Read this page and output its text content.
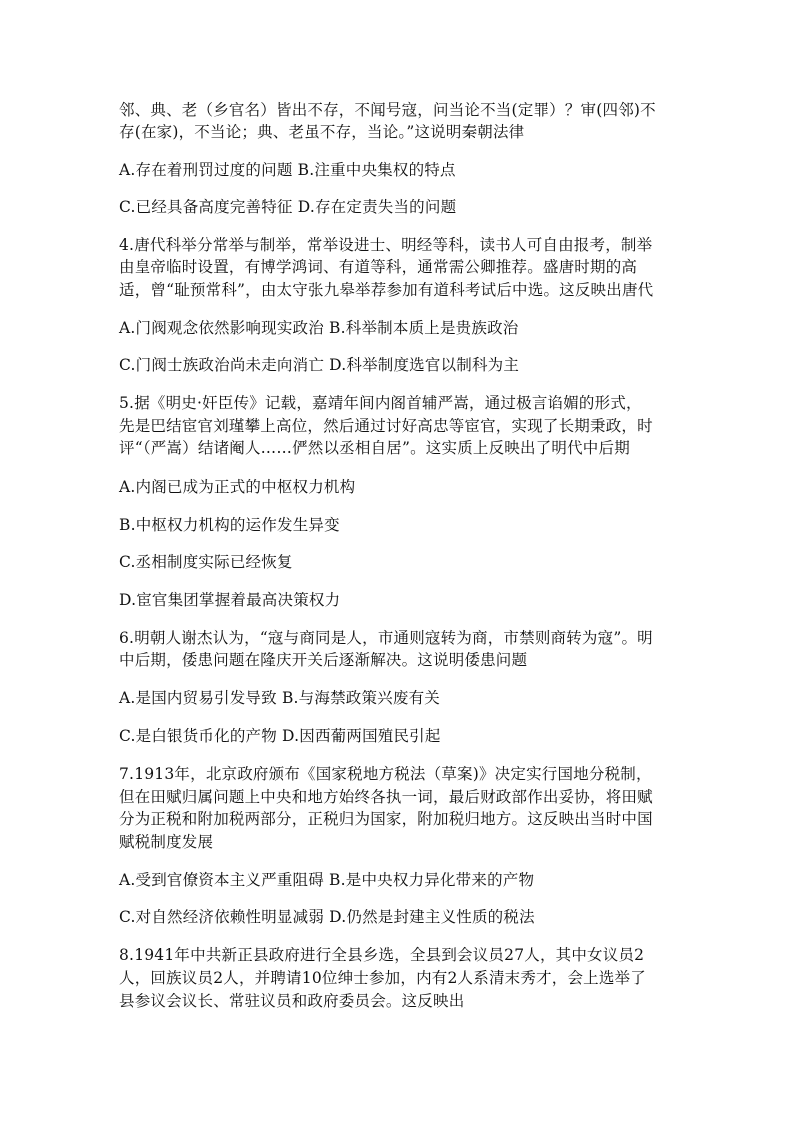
邻、典、老（乡官名）皆出不存，不闻号寇，问当论不当(定罪）？审(四邻)不
存(在家)，不当论；典、老虽不存，当论。”这说明秦朝法律
A.存在着刑罚过度的问题 B.注重中央集权的特点
C.已经具备高度完善特征 D.存在定责失当的问题
4.唐代科举分常举与制举，常举设进士、明经等科，读书人可自由报考，制举
由皇帝临时设置，有博学鸿词、有道等科，通常需公卿推荐。盛唐时期的高
适，曾“耻预常科”，由太守张九皋举荐参加有道科考试后中选。这反映出唐代
A.门阀观念依然影响现实政治 B.科举制本质上是贵族政治
C.门阀士族政治尚未走向消亡 D.科举制度选官以制科为主
5.据《明史·奸臣传》记载，嘉靖年间内阁首辅严嵩，通过极言谄媚的形式，
先是巴结宦官刘瑾攀上高位，然后通过讨好高忠等宦官，实现了长期秉政，时
评“（严嵩）结诸阉人……俨然以丞相自居”。这实质上反映出了明代中后期
A.内阁已成为正式的中枢权力机构
B.中枢权力机构的运作发生异变
C.丞相制度实际已经恢复
D.宦官集团掌握着最高决策权力
6.明朝人谢杰认为，“寇与商同是人，市通则寇转为商，市禁则商转为寇”。明
中后期，倭患问题在隆庆开关后逐渐解决。这说明倭患问题
A.是国内贸易引发导致 B.与海禁政策兴废有关
C.是白银货币化的产物 D.因西葡两国殖民引起
7.1913年，北京政府颁布《国家税地方税法（草案)》决定实行国地分税制，
但在田赋归属问题上中央和地方始终各执一词，最后财政部作出妥协，将田赋
分为正税和附加税两部分，正税归为国家，附加税归地方。这反映出当时中国
赋税制度发展
A.受到官僚资本主义严重阻碍 B.是中央权力异化带来的产物
C.对自然经济依赖性明显减弱 D.仍然是封建主义性质的税法
8.1941年中共新正县政府进行全县乡选，全县到会议员27人，其中女议员2
人，回族议员2人，并聘请10位绅士参加，内有2人系清末秀才，会上选举了
县参议会议长、常驻议员和政府委员会。这反映出
